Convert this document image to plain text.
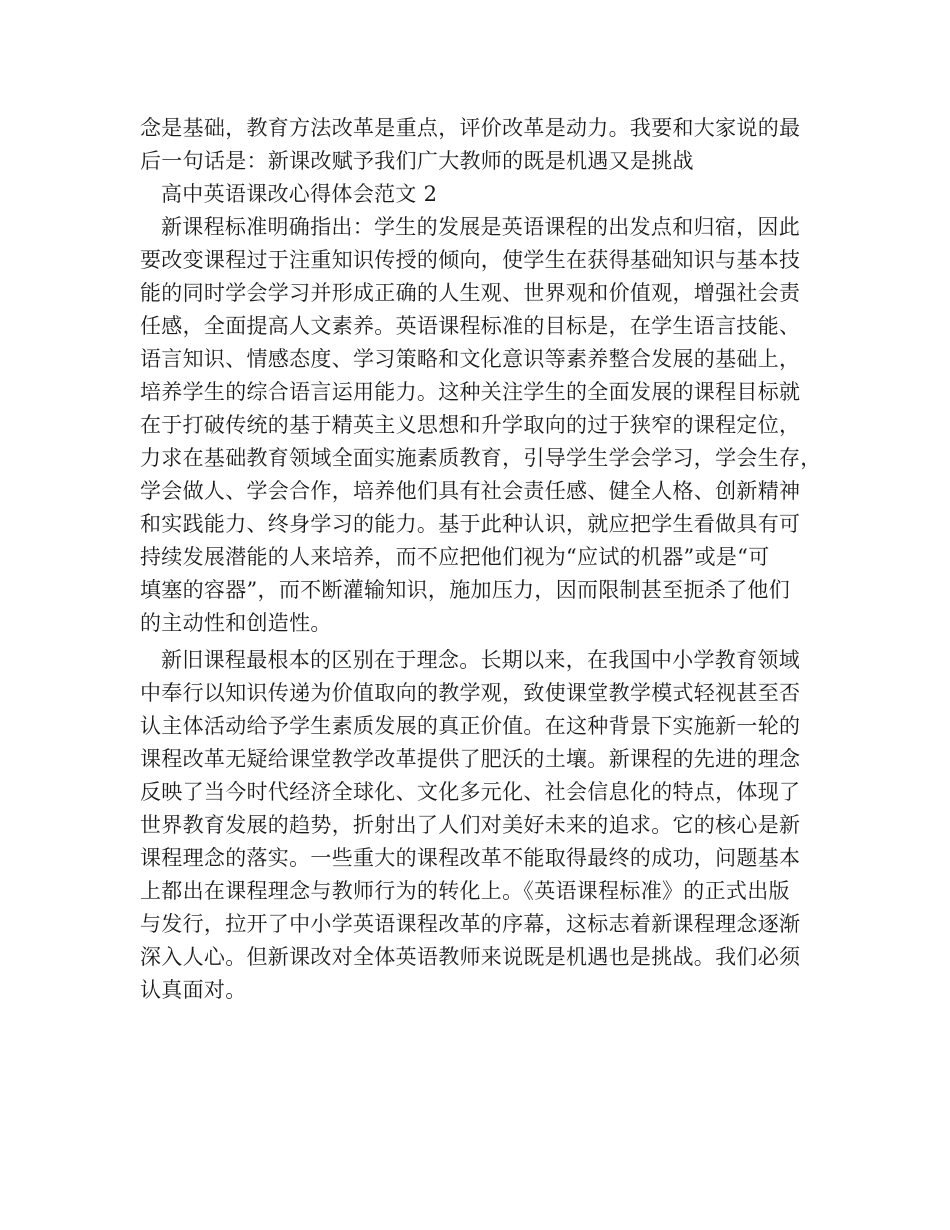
念是基础，教育方法改革是重点，评价改革是动力。我要和大家说的最
后一句话是：新课改赋予我们广大教师的既是机遇又是挑战
高中英语课改心得体会范文 2
新课程标准明确指出：学生的发展是英语课程的出发点和归宿，因此
要改变课程过于注重知识传授的倾向，使学生在获得基础知识与基本技
能的同时学会学习并形成正确的人生观、世界观和价值观，增强社会责
任感，全面提高人文素养。英语课程标准的目标是，在学生语言技能、
语言知识、情感态度、学习策略和文化意识等素养整合发展的基础上，
培养学生的综合语言运用能力。这种关注学生的全面发展的课程目标就
在于打破传统的基于精英主义思想和升学取向的过于狭窄的课程定位，
力求在基础教育领域全面实施素质教育，引导学生学会学习，学会生存，
学会做人、学会合作，培养他们具有社会责任感、健全人格、创新精神
和实践能力、终身学习的能力。基于此种认识，就应把学生看做具有可
持续发展潜能的人来培养，而不应把他们视为“应试的机器”或是“可
填塞的容器”，而不断灌输知识，施加压力，因而限制甚至扼杀了他们
的主动性和创造性。
新旧课程最根本的区别在于理念。长期以来，在我国中小学教育领域
中奉行以知识传递为价值取向的教学观，致使课堂教学模式轻视甚至否
认主体活动给予学生素质发展的真正价值。在这种背景下实施新一轮的
课程改革无疑给课堂教学改革提供了肥沃的土壤。新课程的先进的理念
反映了当今时代经济全球化、文化多元化、社会信息化的特点，体现了
世界教育发展的趋势，折射出了人们对美好未来的追求。它的核心是新
课程理念的落实。一些重大的课程改革不能取得最终的成功，问题基本
上都出在课程理念与教师行为的转化上。《英语课程标准》的正式出版
与发行，拉开了中小学英语课程改革的序幕，这标志着新课程理念逐渐
深入人心。但新课改对全体英语教师来说既是机遇也是挑战。我们必须
认真面对。
